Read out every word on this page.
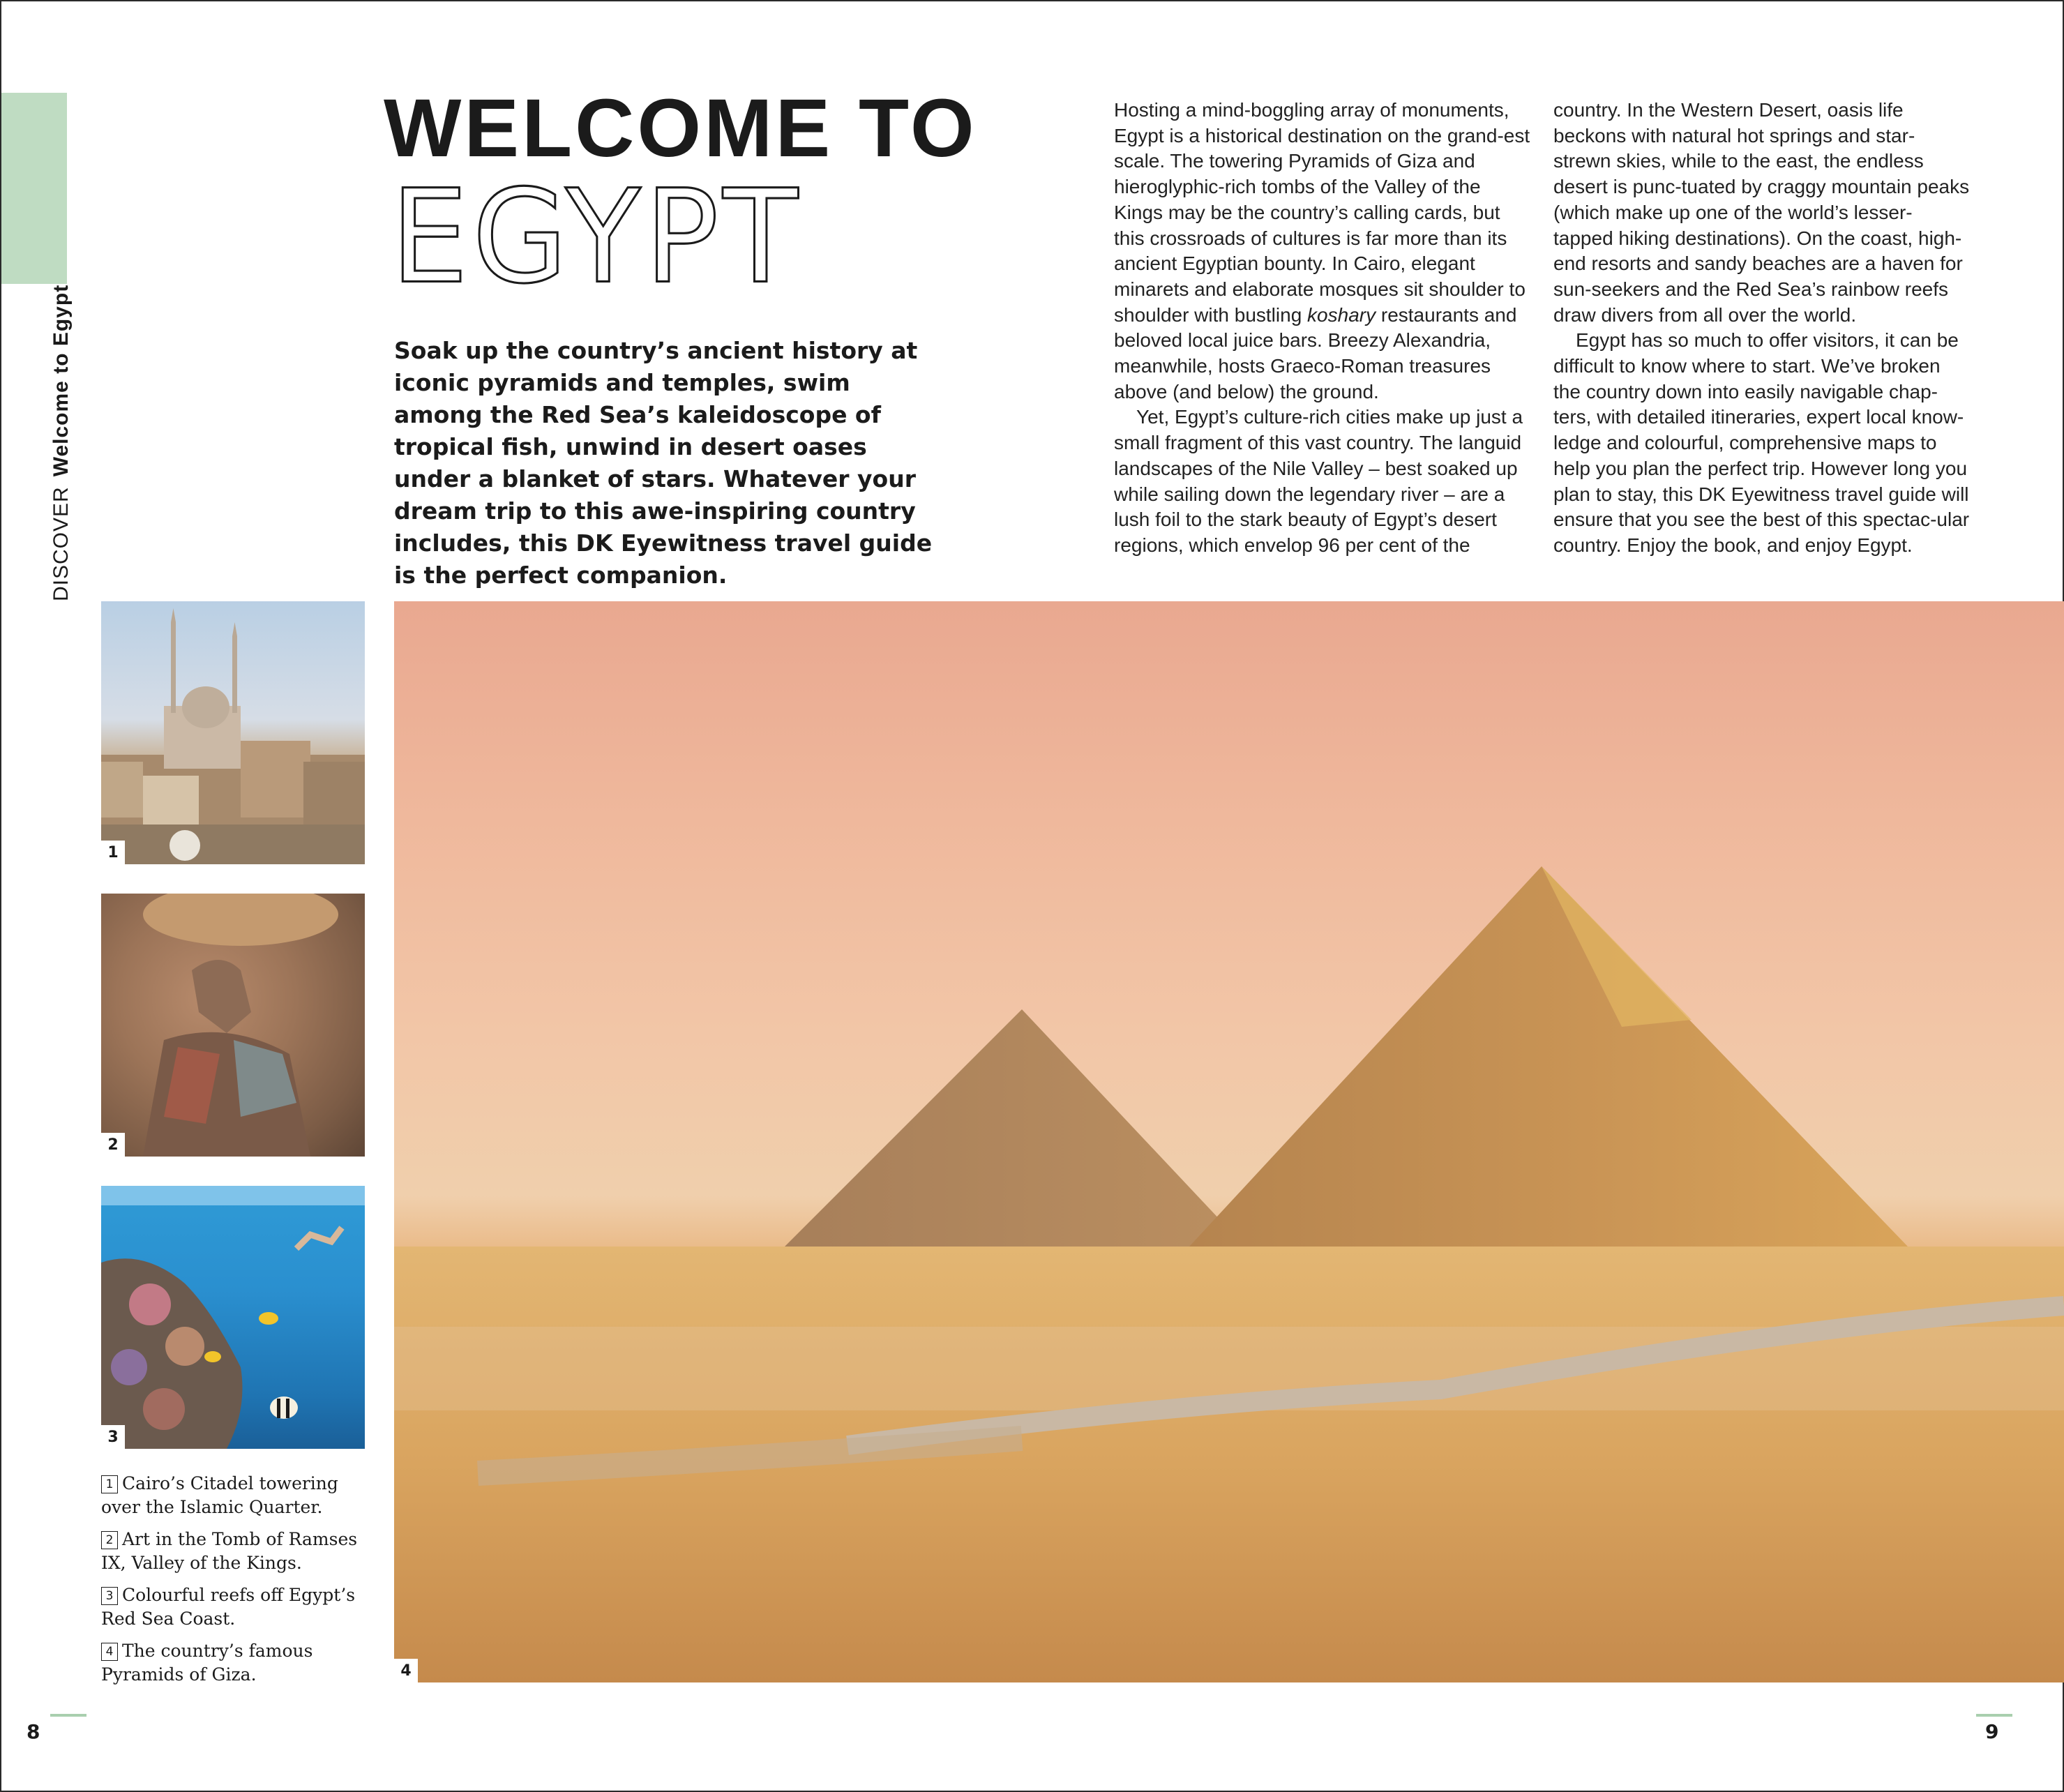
DISCOVERWelcome to Egypt
WELCOME TO
EGYPT
Soak up the country’s ancient history at iconic pyramids and temples, swim among the Red Sea’s kaleidoscope of tropical fish, unwind in desert oases under a blanket of stars. Whatever your dream trip to this awe-inspiring country includes, this DK Eyewitness travel guide is the perfect companion.

Hosting a mind-boggling array of monuments, Egypt is a historical destination on the grand-est scale. The towering Pyramids of Giza and hieroglyphic-rich tombs of the Valley of the Kings may be the country’s calling cards, but this crossroads of cultures is far more than its ancient Egyptian bounty. In Cairo, elegant minarets and elaborate mosques sit shoulder to shoulder with bustling koshary restaurants and beloved local juice bars. Breezy Alexandria, meanwhile, hosts Graeco-Roman treasures above (and below) the ground.

Yet, Egypt’s culture-rich cities make up just a small fragment of this vast country. The languid landscapes of the Nile Valley – best soaked up while sailing down the legendary river – are a lush foil to the stark beauty of Egypt’s desert regions, which envelop 96 per cent of the

country. In the Western Desert, oasis life beckons with natural hot springs and star-strewn skies, while to the east, the endless desert is punc-tuated by craggy mountain peaks (which make up one of the world’s lesser-tapped hiking destinations). On the coast, high-end resorts and sandy beaches are a haven for sun-seekers and the Red Sea’s rainbow reefs draw divers from all over the world.

Egypt has so much to offer visitors, it can be difficult to know where to start. We’ve broken the country down into easily navigable chap-ters, with detailed itineraries, expert local know-ledge and colourful, comprehensive maps to help you plan the perfect trip. However long you plan to stay, this DK Eyewitness travel guide will ensure that you see the best of this spectac-ular country. Enjoy the book, and enjoy Egypt.

1
2
3
4
1 Cairo’s Citadel towering over the Islamic Quarter.
2 Art in the Tomb of Ramses IX, Valley of the Kings.
3 Colourful reefs off Egypt’s Red Sea Coast.
4 The country’s famous Pyramids of Giza.
8	9
